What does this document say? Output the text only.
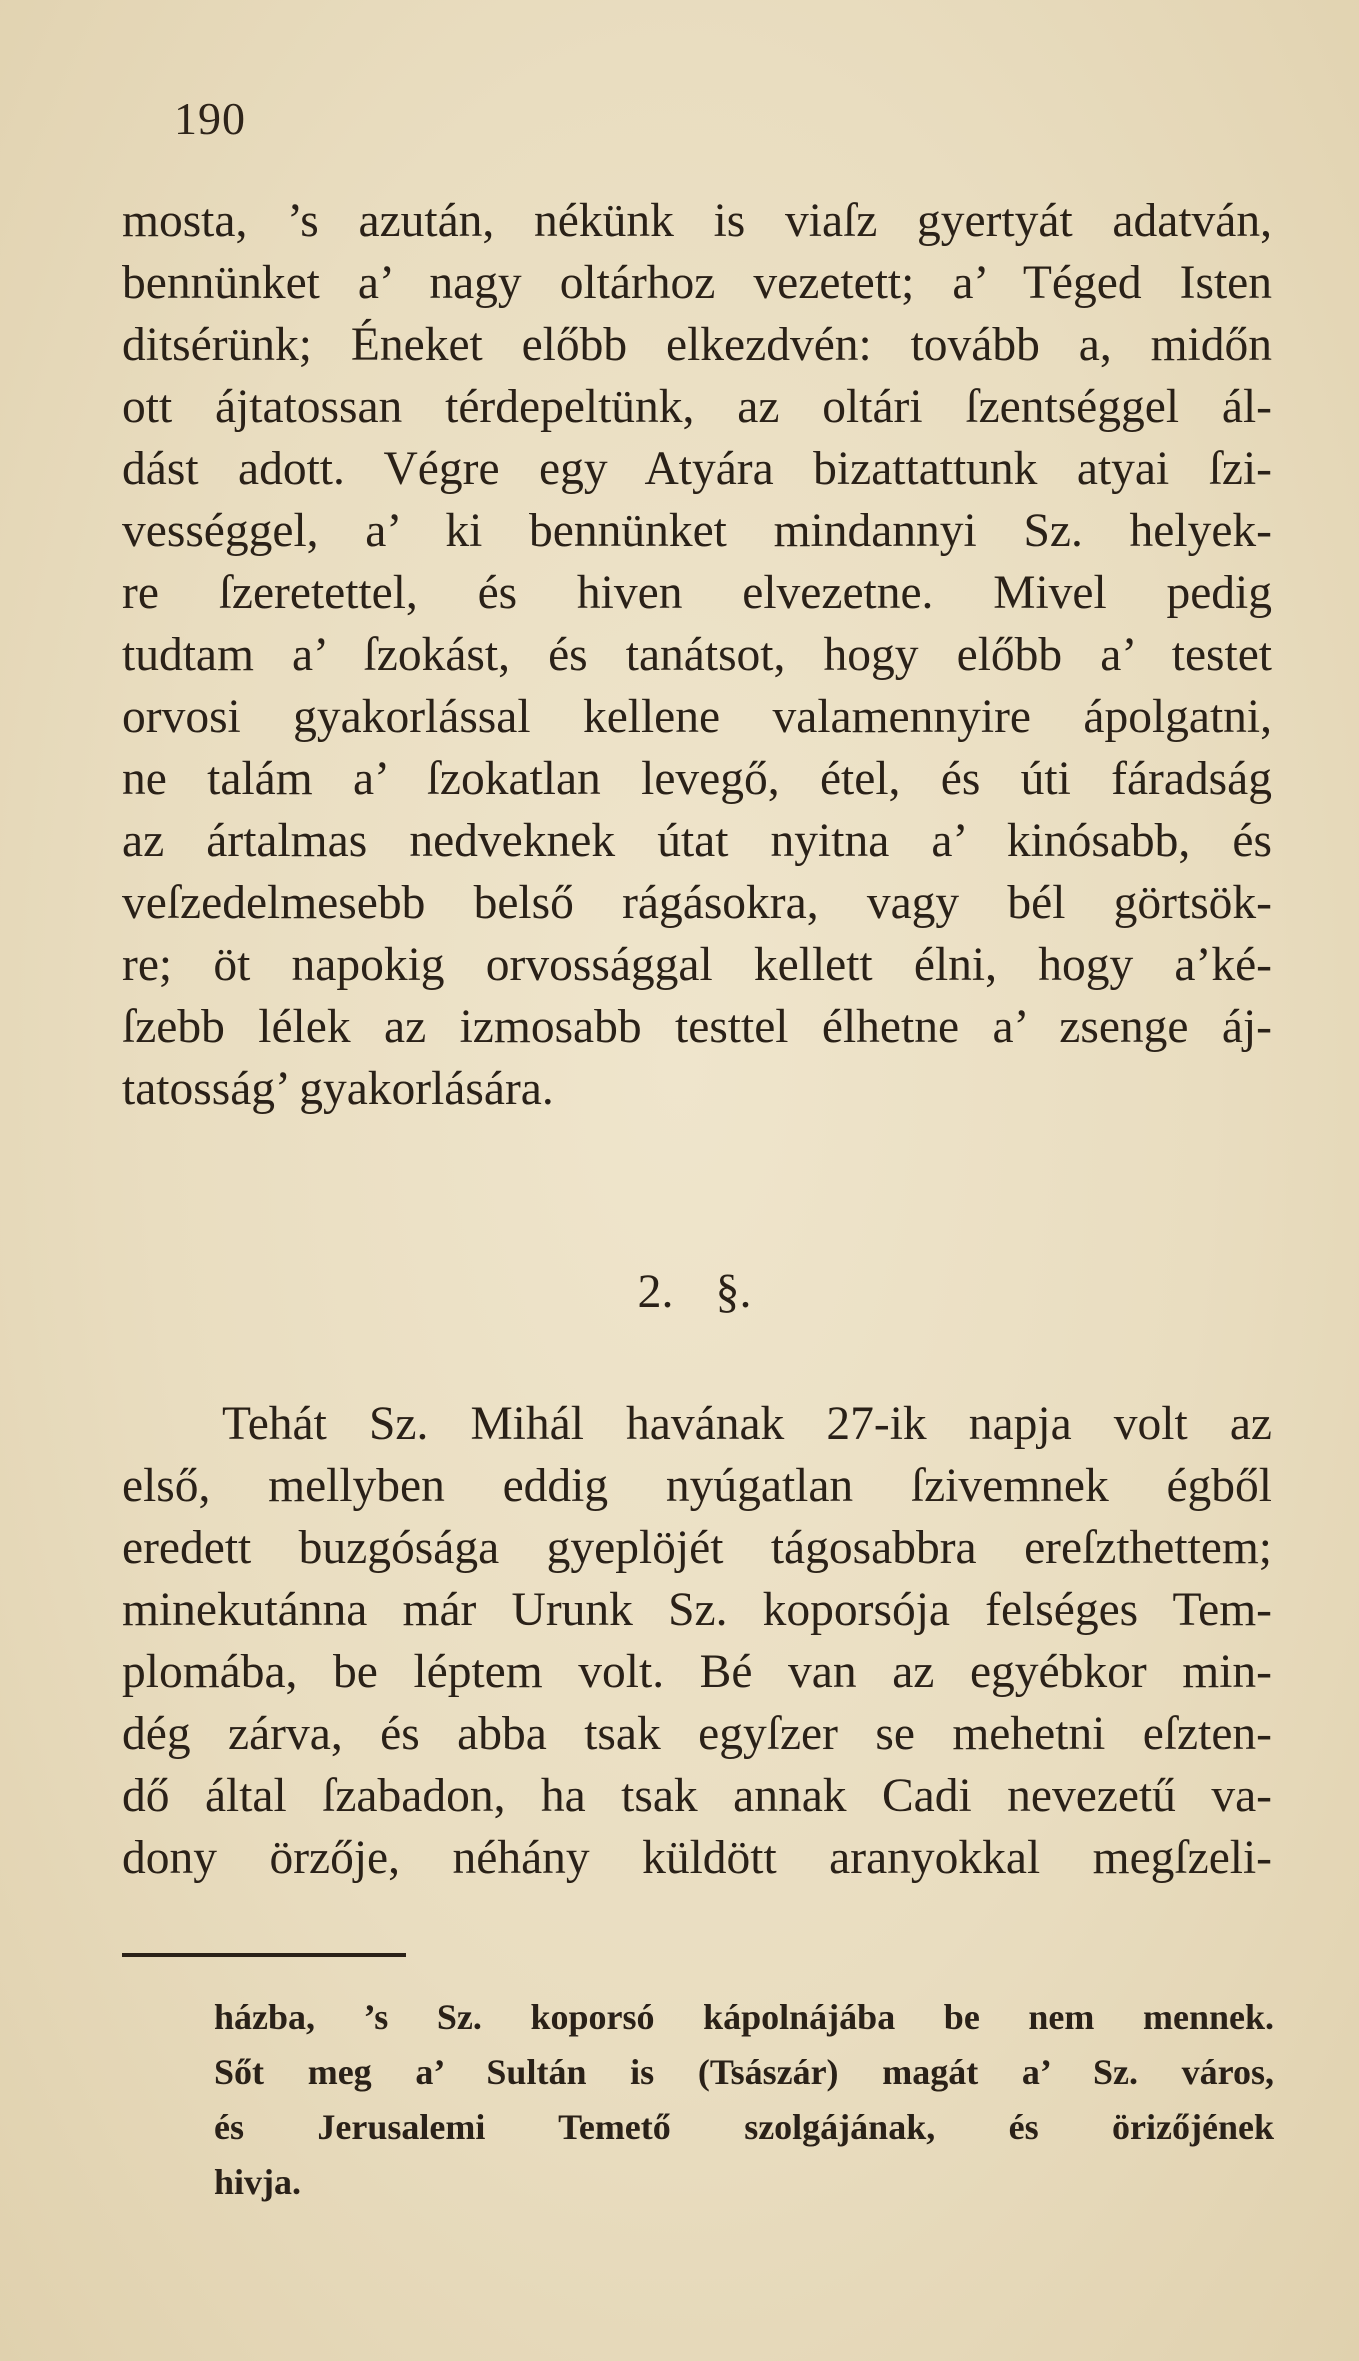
190
mosta, ’s azután, nékünk is viaſz gyertyát adatván,
bennünket a’ nagy oltárhoz vezetett; a’ Téged Isten
ditsérünk; Éneket előbb elkezdvén: tovább a, midőn
ott ájtatossan térdepeltünk, az oltári ſzentséggel ál-
dást adott. Végre egy Atyára bizattattunk atyai ſzi-
vességgel, a’ ki bennünket mindannyi Sz. helyek-
re ſzeretettel, és hiven elvezetne. Mivel pedig
tudtam a’ ſzokást, és tanátsot, hogy előbb a’ testet
orvosi gyakorlással kellene valamennyire ápolgatni,
ne talám a’ ſzokatlan levegő, étel, és úti fáradság
az ártalmas nedveknek útat nyitna a’ kinósabb, és
veſzedelmesebb belső rágásokra, vagy bél görtsök-
re; öt napokig orvossággal kellett élni, hogy a’ké-
ſzebb lélek az izmosabb testtel élhetne a’ zsenge áj-
tatosság’ gyakorlására.
2. §.
Tehát Sz. Mihál havának 27-ik napja volt az
első, mellyben eddig nyúgatlan ſzivemnek égből
eredett buzgósága gyeplöjét tágosabbra ereſzthettem;
minekutánna már Urunk Sz. koporsója felséges Tem-
plomába, be léptem volt. Bé van az egyébkor min-
dég zárva, és abba tsak egyſzer se mehetni eſzten-
dő által ſzabadon, ha tsak annak Cadi nevezetű va-
dony örzője, néhány küldött aranyokkal megſzeli-
házba, ’s Sz. koporsó kápolnájába be nem mennek.
Sőt meg a’ Sultán is (Tsászár) magát a’ Sz. város,
és Jerusalemi Temető szolgájának, és örizőjének
hivja.
